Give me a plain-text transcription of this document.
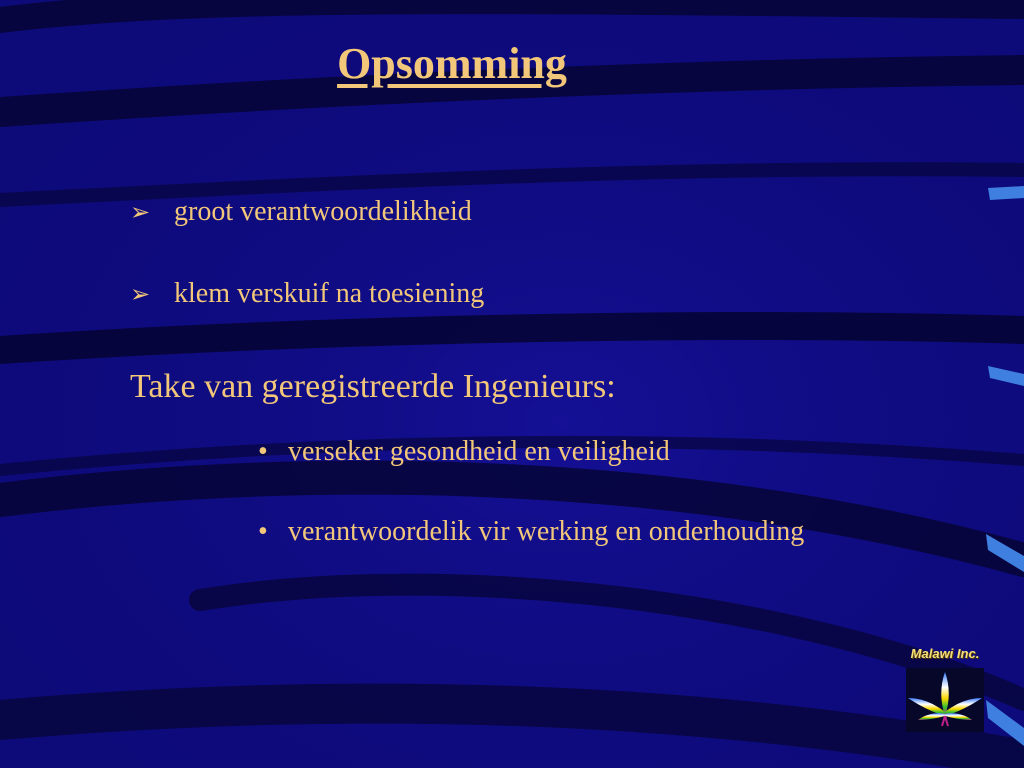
Opsomming
➢ groot verantwoordelikheid
➢ klem verskuif na toesiening
Take van geregistreerde Ingenieurs:
• verseker gesondheid en veiligheid
• verantwoordelik vir werking en onderhouding
Malawi Inc.
